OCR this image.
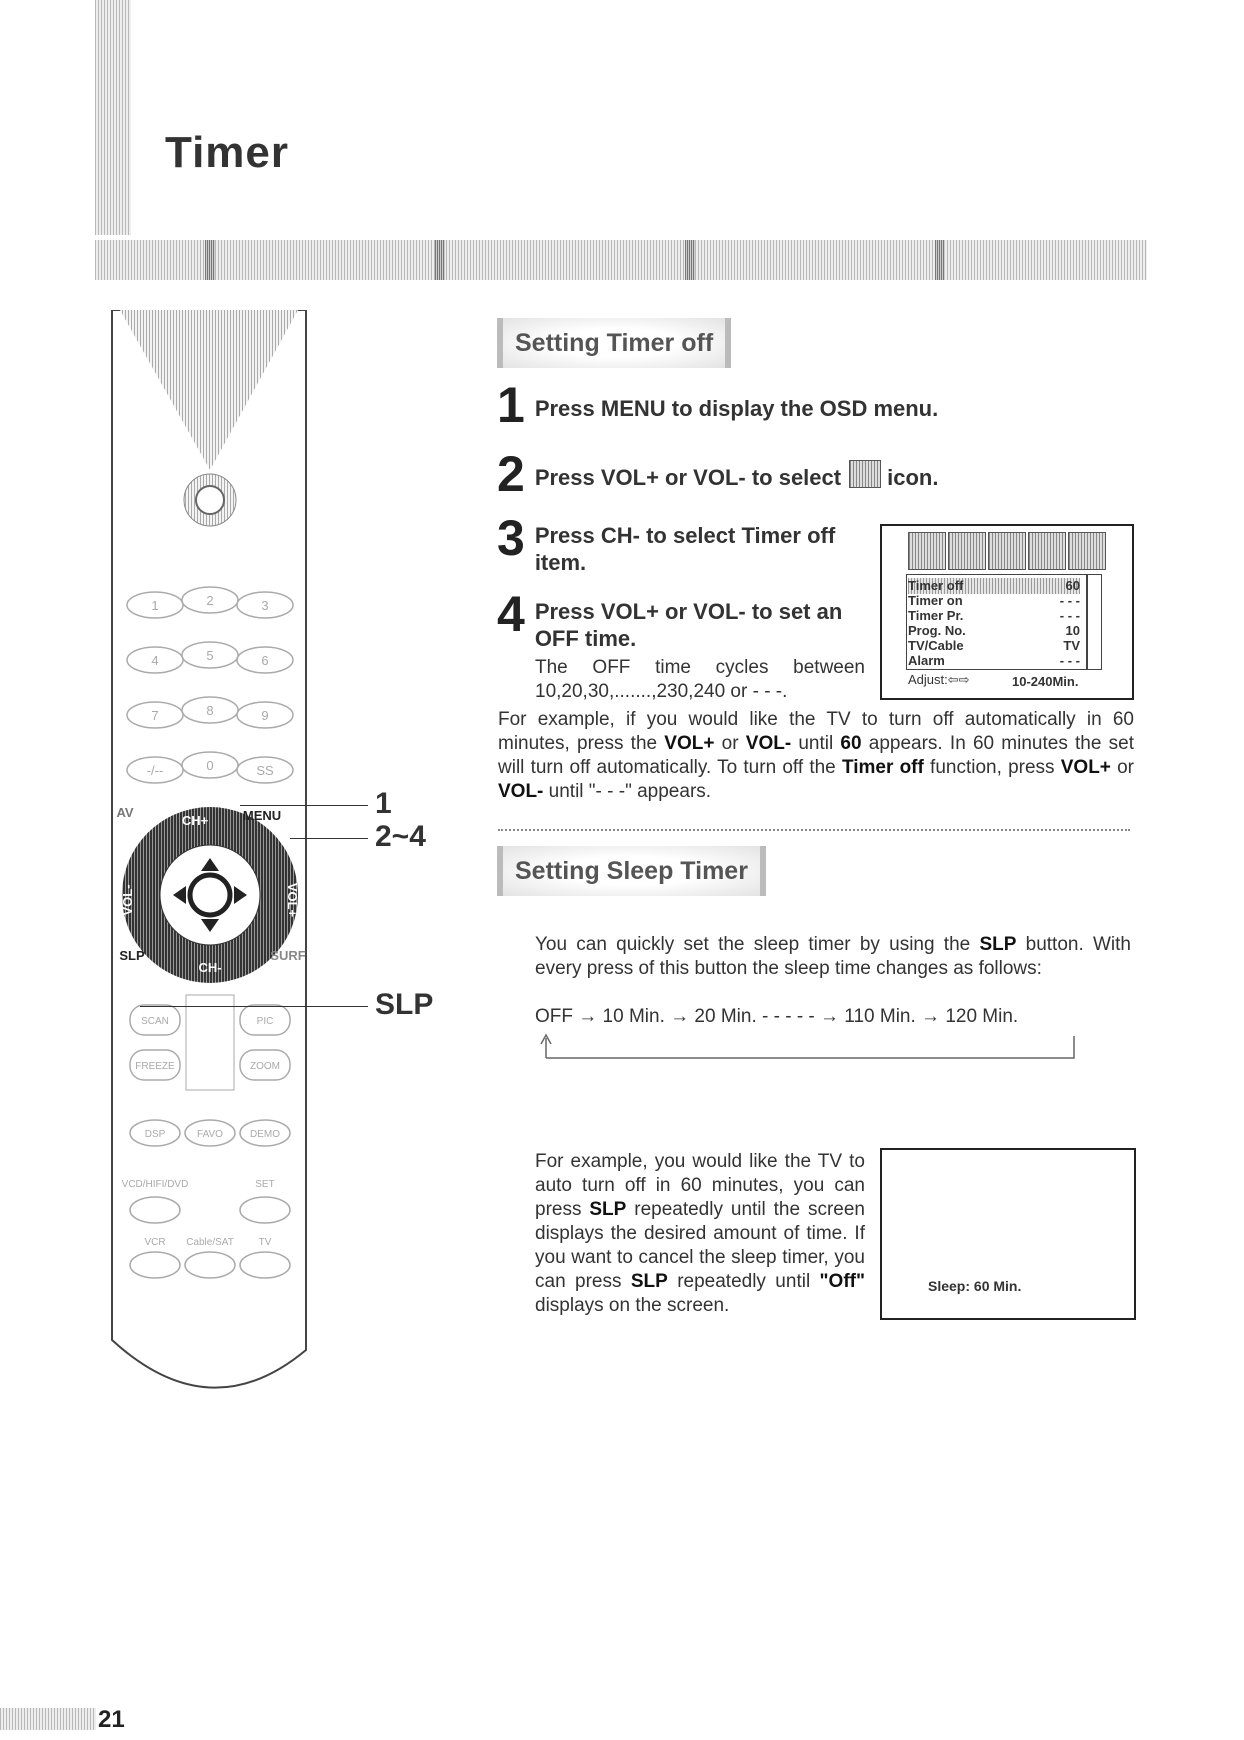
Timer
1	2	3
4	5	6
7	8	9
-/--	0	SS
AV
CH+	MENU
VOL-	VOL+
SLP
CH-
SURF
SCAN	PIC
FREEZE	ZOOM
DSP	FAVO	DEMO
VCD/HIFI/DVD	SET
VCR Cable/SAT TV
1
2~4
SLP
Setting Timer off
1 Press MENU to display the OSD menu.
2 Press VOL+ or VOL- to select icon.
3 Press CH- to select Timer off item.
4 Press VOL+ or VOL- to set an OFF time.
The OFF time cycles between 10,20,30,.......,230,240 or - - -.
Timer off	60
Timer on	- - -
Timer Pr.	- - -
Prog. No.	10
TV/Cable	TV
Alarm	- - -
Adjust:⇦⇨	10-240Min.
For example, if you would like the TV to turn off automatically in 60 minutes, press the VOL+ or VOL- until 60 appears. In 60 minutes the set will turn off automatically. To turn off the Timer off function, press VOL+ or VOL- until "- - -" appears.
Setting Sleep Timer
You can quickly set the sleep timer by using the SLP button. With every press of this button the sleep time changes as follows:
OFF → 10 Min. → 20 Min. - - - - - → 110 Min. → 120 Min.
For example, you would like the TV to auto turn off in 60 minutes, you can press SLP repeatedly until the screen displays the desired amount of time. If you want to cancel the sleep timer, you can press SLP repeatedly until "Off" displays on the screen.
Sleep: 60 Min.
21
